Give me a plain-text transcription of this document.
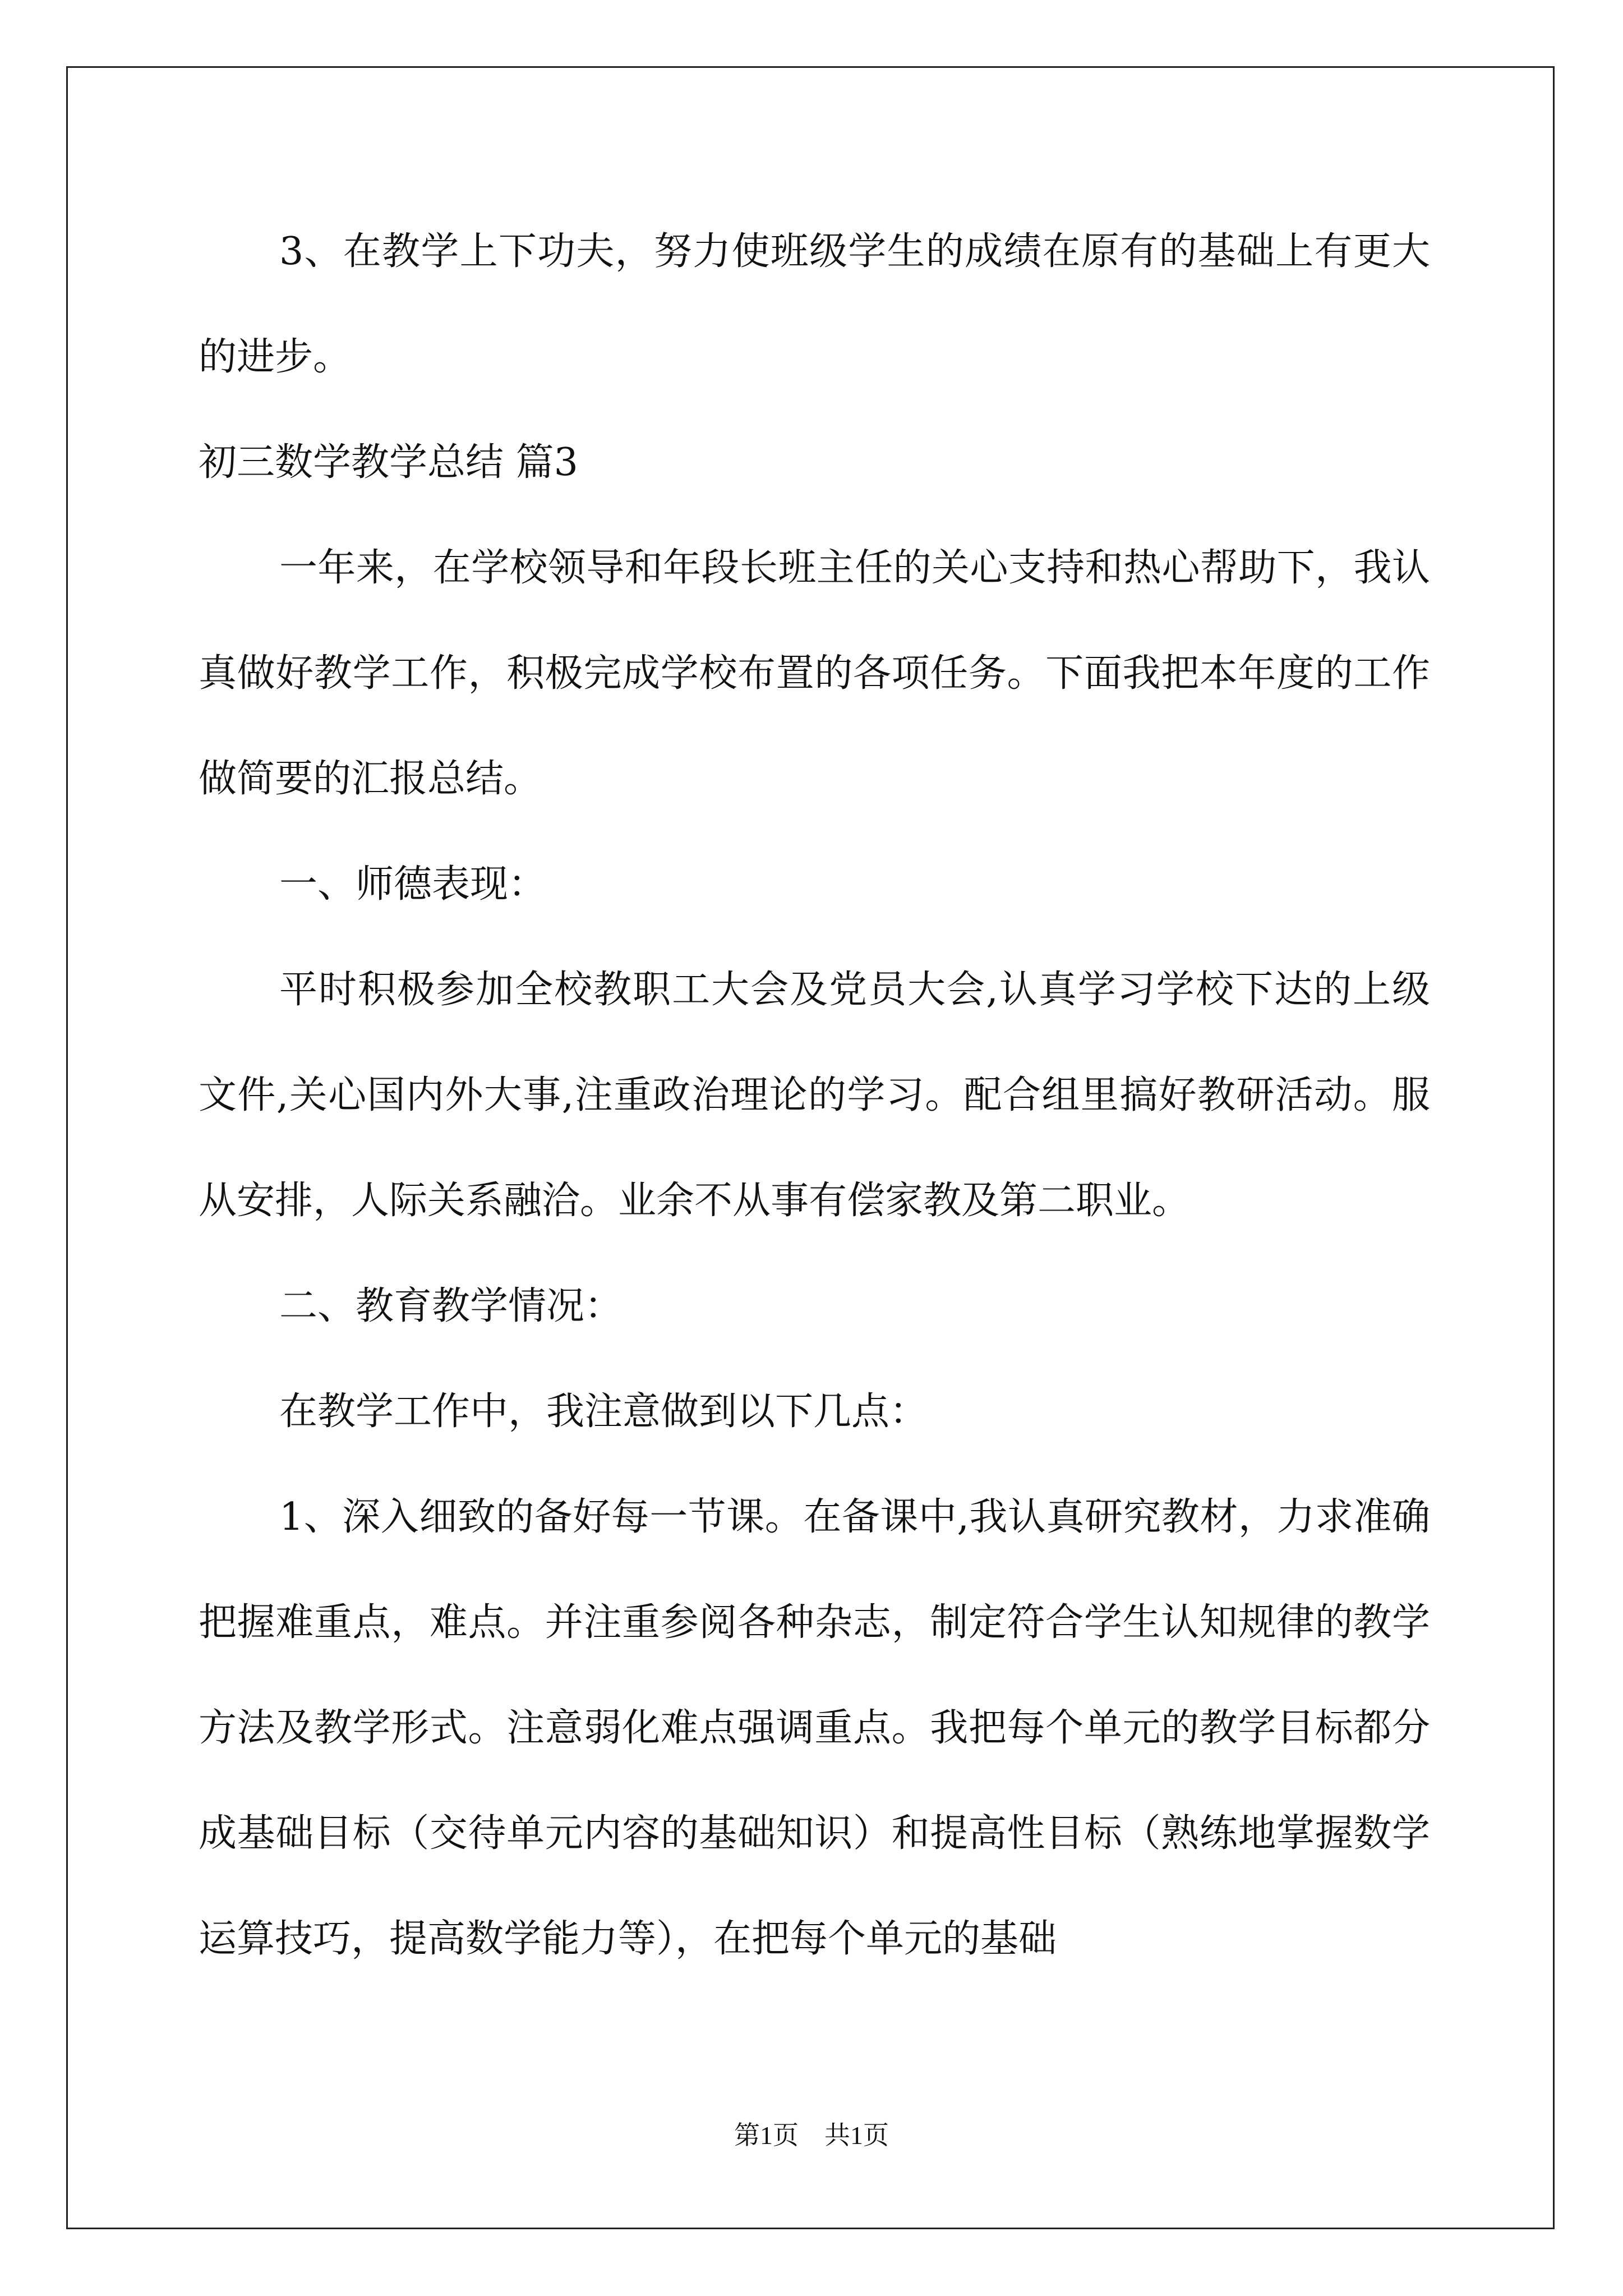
3、在教学上下功夫，努力使班级学生的成绩在原有的基础上有更大的进步。

初三数学教学总结 篇3

一年来，在学校领导和年段长班主任的关心支持和热心帮助下，我认真做好教学工作，积极完成学校布置的各项任务。下面我把本年度的工作做简要的汇报总结。

一、师德表现：

平时积极参加全校教职工大会及党员大会,认真学习学校下达的上级文件,关心国内外大事,注重政治理论的学习。配合组里搞好教研活动。服从安排，人际关系融洽。业余不从事有偿家教及第二职业。

二、教育教学情况：

在教学工作中，我注意做到以下几点：

1、深入细致的备好每一节课。在备课中,我认真研究教材，力求准确把握难重点，难点。并注重参阅各种杂志，制定符合学生认知规律的教学方法及教学形式。注意弱化难点强调重点。我把每个单元的教学目标都分成基础目标（交待单元内容的基础知识）和提高性目标（熟练地掌握数学运算技巧，提高数学能力等），在把每个单元的基础

第1页　共1页
